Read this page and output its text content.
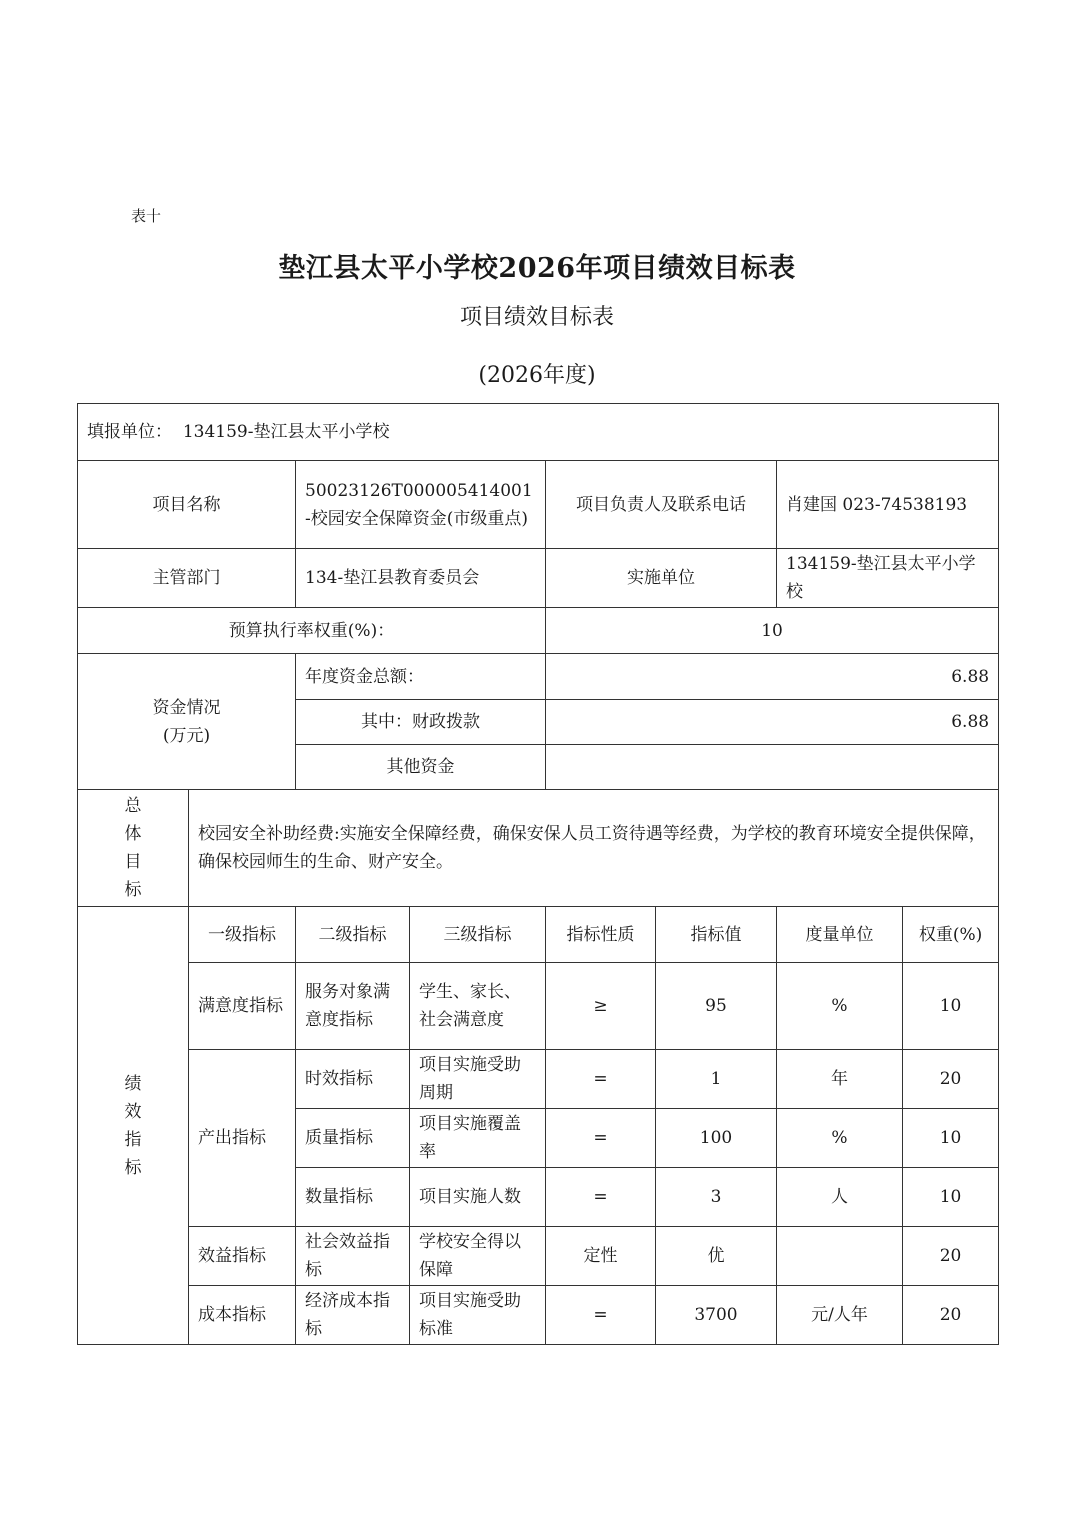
表十
垫江县太平小学校2026年项目绩效目标表
项目绩效目标表
(2026年度)
填报单位： 134159-垫江县太平小学校							
项目名称		50023126T000005414001-校园安全保障资金(市级重点)		项目负责人及联系电话		肖建国 023-74538193	
主管部门		134-垫江县教育委员会		实施单位		134159-垫江县太平小学校	
预算执行率权重(%)：				10			

资金情况
(万元)		年度资金总额：		6.88			
		其中：财政拨款		6.88			
		其他资金					

总
体
目
标	校园安全补助经费:实施安全保障经费，确保安保人员工资待遇等经费，为学校的教育环境安全提供保障，确保校园师生的生命、财产安全。						

绩
效
指
标	一级指标	二级指标	三级指标	指标性质	指标值	度量单位	权重(%)
	满意度指标	服务对象满意度指标	学生、家长、社会满意度	≥	95	%	10
	产出指标	时效指标	项目实施受助周期	=	1	年	20
		质量指标	项目实施覆盖率	=	100	%	10
		数量指标	项目实施人数	=	3	人	10
	效益指标	社会效益指标	学校安全得以保障	定性	优		20
	成本指标	经济成本指标	项目实施受助标准	=	3700	元/人年	20
